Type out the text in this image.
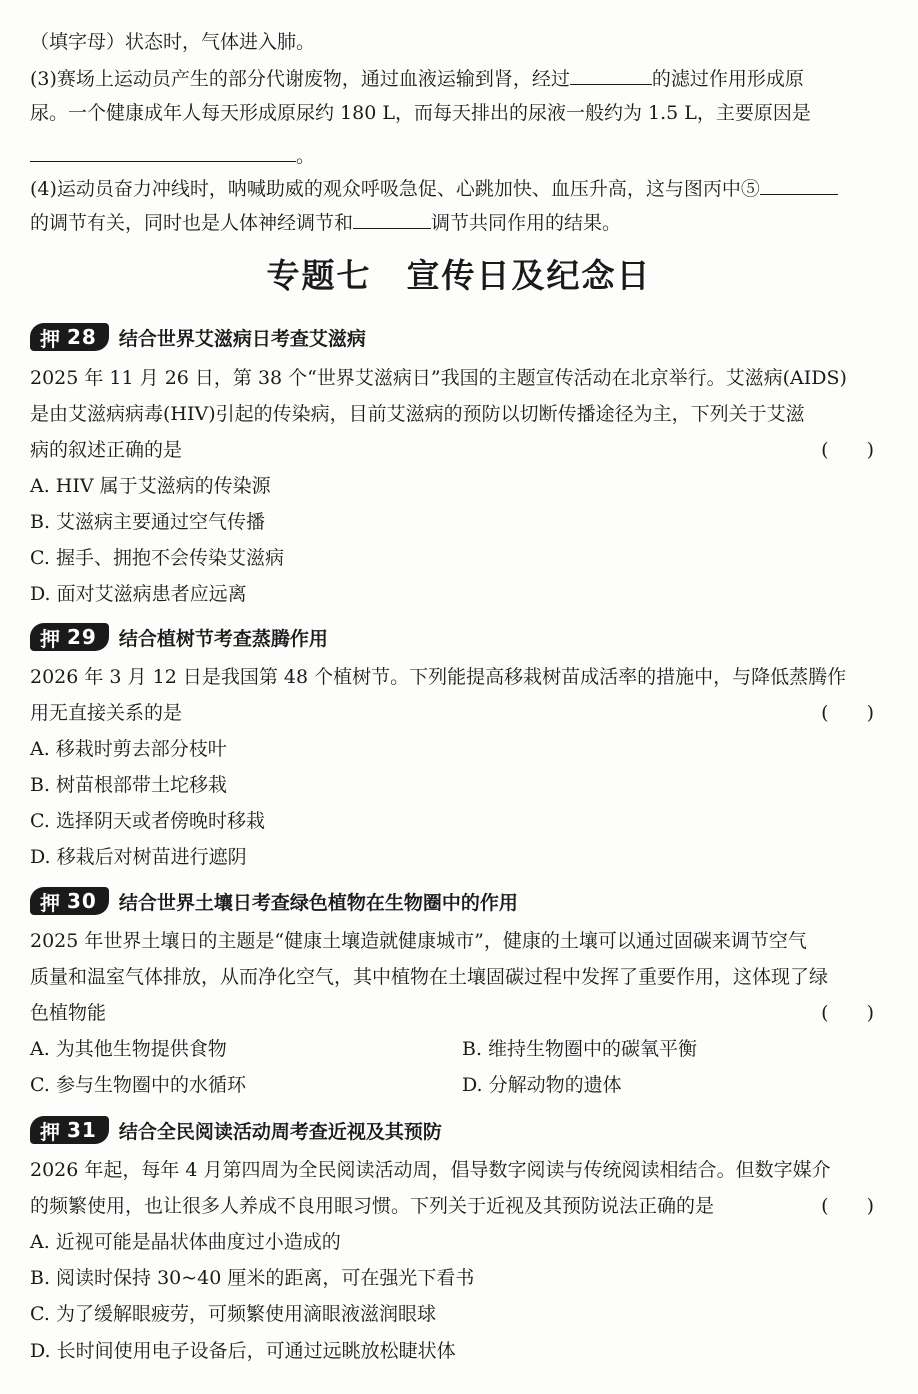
（填字母）状态时，气体进入肺。
(3)赛场上运动员产生的部分代谢废物，通过血液运输到肾，经过	的滤过作用形成原
尿。一个健康成年人每天形成原尿约 180 L，而每天排出的尿液一般约为 1.5 L，主要原因是
。
(4)运动员奋力冲线时，呐喊助威的观众呼吸急促、心跳加快、血压升高，这与图丙中⑤
的调节有关，同时也是人体神经调节和	调节共同作用的结果。
专题七　宣传日及纪念日
押 28 结合世界艾滋病日考查艾滋病
2025 年 11 月 26 日，第 38 个“世界艾滋病日”我国的主题宣传活动在北京举行。艾滋病(AIDS)
是由艾滋病病毒(HIV)引起的传染病，目前艾滋病的预防以切断传播途径为主，下列关于艾滋
病的叙述正确的是	(　　)
A. HIV 属于艾滋病的传染源
B. 艾滋病主要通过空气传播
C. 握手、拥抱不会传染艾滋病
D. 面对艾滋病患者应远离
押 29 结合植树节考查蒸腾作用
2026 年 3 月 12 日是我国第 48 个植树节。下列能提高移栽树苗成活率的措施中，与降低蒸腾作
用无直接关系的是	(　　)
A. 移栽时剪去部分枝叶
B. 树苗根部带土坨移栽
C. 选择阴天或者傍晚时移栽
D. 移栽后对树苗进行遮阴
押 30 结合世界土壤日考查绿色植物在生物圈中的作用
2025 年世界土壤日的主题是“健康土壤造就健康城市”，健康的土壤可以通过固碳来调节空气
质量和温室气体排放，从而净化空气，其中植物在土壤固碳过程中发挥了重要作用，这体现了绿
色植物能	(　　)
A. 为其他生物提供食物	B. 维持生物圈中的碳氧平衡
C. 参与生物圈中的水循环	D. 分解动物的遗体
押 31 结合全民阅读活动周考查近视及其预防
2026 年起，每年 4 月第四周为全民阅读活动周，倡导数字阅读与传统阅读相结合。但数字媒介
的频繁使用，也让很多人养成不良用眼习惯。下列关于近视及其预防说法正确的是	(　　)
A. 近视可能是晶状体曲度过小造成的
B. 阅读时保持 30~40 厘米的距离，可在强光下看书
C. 为了缓解眼疲劳，可频繁使用滴眼液滋润眼球
D. 长时间使用电子设备后，可通过远眺放松睫状体
